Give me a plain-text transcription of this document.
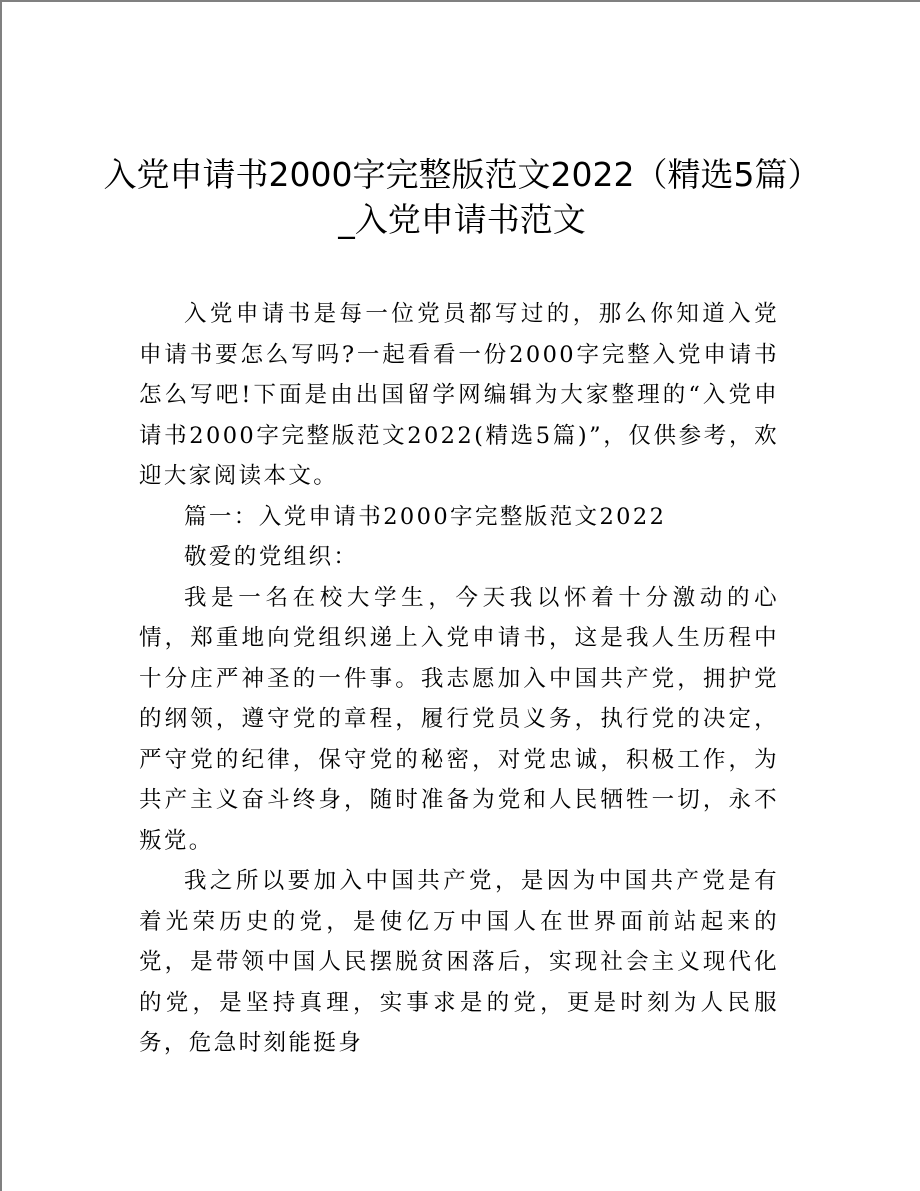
入党申请书2000字完整版范文2022（精选5篇）_入党申请书范文

入党申请书是每一位党员都写过的，那么你知道入党申请书要怎么写吗?一起看看一份2000字完整入党申请书怎么写吧!下面是由出国留学网编辑为大家整理的“入党申请书2000字完整版范文2022(精选5篇)”，仅供参考，欢迎大家阅读本文。

篇一：入党申请书2000字完整版范文2022

敬爱的党组织：

我是一名在校大学生，今天我以怀着十分激动的心情，郑重地向党组织递上入党申请书，这是我人生历程中十分庄严神圣的一件事。我志愿加入中国共产党，拥护党的纲领，遵守党的章程，履行党员义务，执行党的决定，严守党的纪律，保守党的秘密，对党忠诚，积极工作，为共产主义奋斗终身，随时准备为党和人民牺牲一切，永不叛党。

我之所以要加入中国共产党，是因为中国共产党是有着光荣历史的党，是使亿万中国人在世界面前站起来的党，是带领中国人民摆脱贫困落后，实现社会主义现代化的党，是坚持真理，实事求是的党，更是时刻为人民服务，危急时刻能挺身
